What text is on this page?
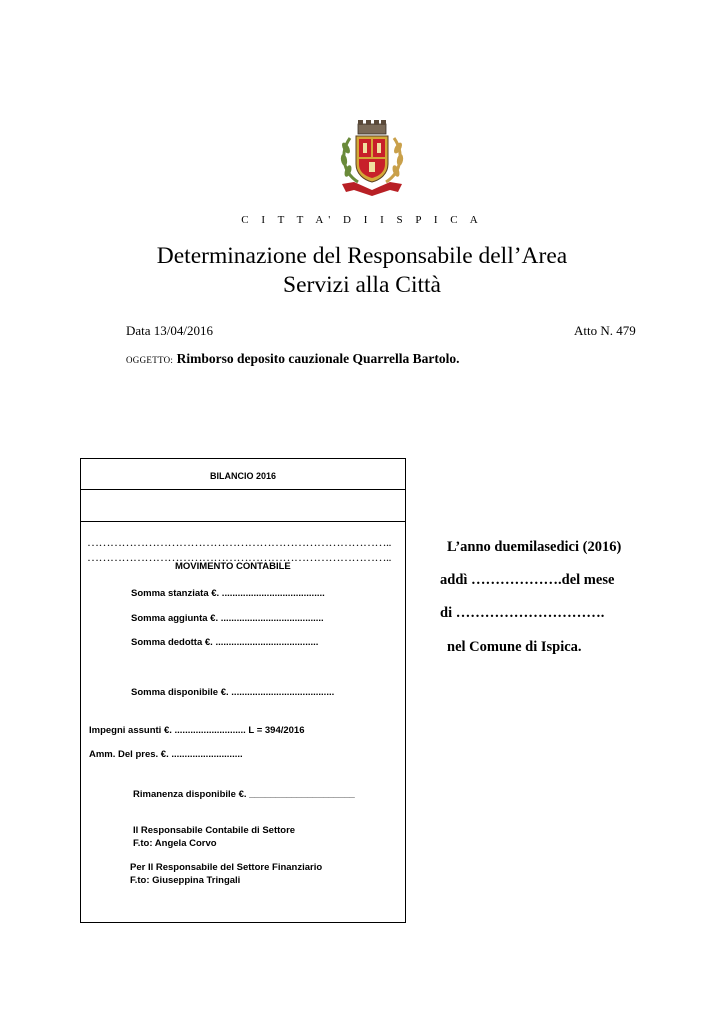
C I T T A' D I I S P I C A
Determinazione del Responsabile dell’Area
Servizi alla Città
Data 13/04/2016	Atto N. 479
OGGETTO: Rimborso deposito cauzionale Quarrella Bartolo.
BILANCIO 2016
……………………………………………………………………..
……………………………………………………………………..
MOVIMENTO CONTABILE
Somma stanziata €. .......................................
Somma aggiunta €. .......................................
Somma dedotta €. .......................................
Somma disponibile €. .......................................
Impegni assunti €. ........................... L = 394/2016
Amm. Del pres. €. ...........................
Rimanenza disponibile €. ____________________
Il Responsabile Contabile di Settore
F.to: Angela Corvo
Per Il Responsabile del Settore Finanziario
F.to: Giuseppina Tringali
L’anno duemilasedici (2016)
addì ……………….del mese
di ………………………….
nel Comune di Ispica.
